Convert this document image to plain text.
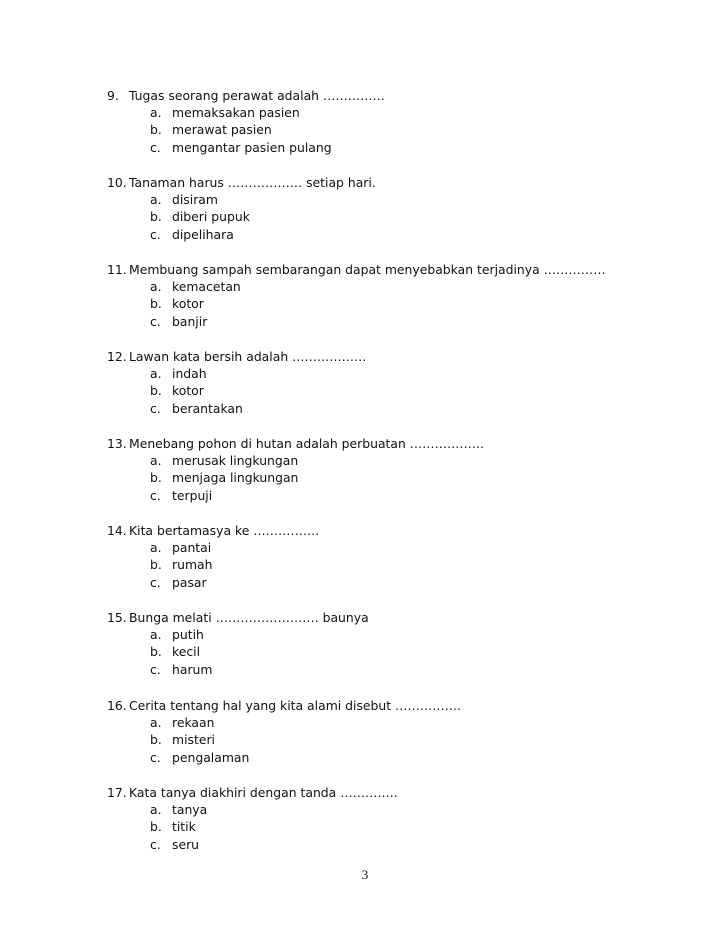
9. Tugas seorang perawat adalah ……………
a. memaksakan pasien
b. merawat pasien
c. mengantar pasien pulang
10. Tanaman harus ……………… setiap hari.
a. disiram
b. diberi pupuk
c. dipelihara
11. Membuang sampah sembarangan dapat menyebabkan terjadinya ……………
a. kemacetan
b. kotor
c. banjir
12. Lawan kata bersih adalah ………………
a. indah
b. kotor
c. berantakan
13. Menebang pohon di hutan adalah perbuatan ………………
a. merusak lingkungan
b. menjaga lingkungan
c. terpuji
14. Kita bertamasya ke …………….
a. pantai
b. rumah
c. pasar
15. Bunga melati ……………………. baunya
a. putih
b. kecil
c. harum
16. Cerita tentang hal yang kita alami disebut …………….
a. rekaan
b. misteri
c. pengalaman
17. Kata tanya diakhiri dengan tanda …………..
a. tanya
b. titik
c. seru
3
